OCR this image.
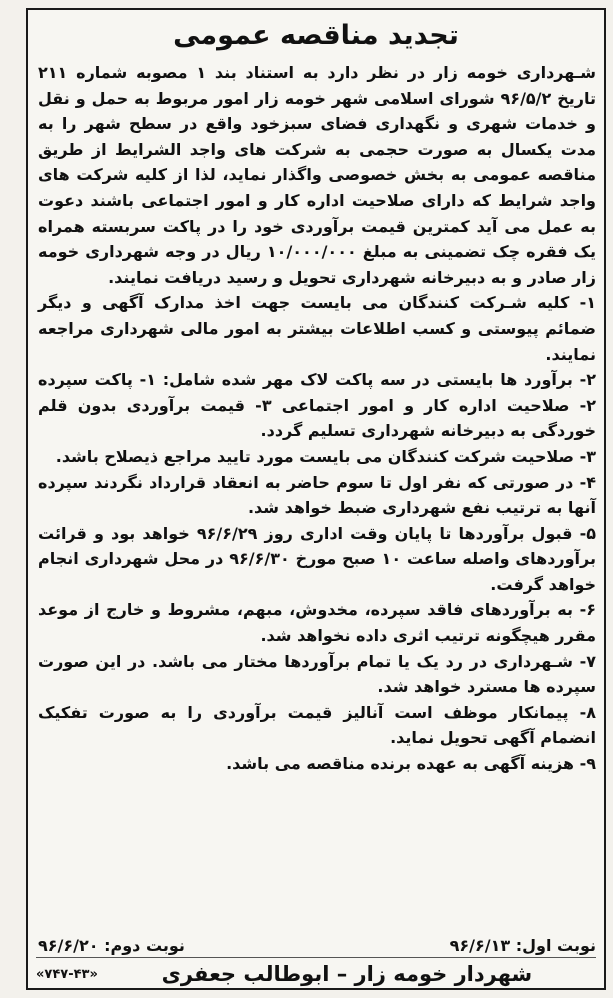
تجدید مناقصه عمومی

شـهرداری خومه زار در نظر دارد به استناد بند ۱ مصوبه شماره ۲۱۱ تاریخ ۹۶/۵/۲ شورای اسلامی شهر خومه زار امور مربوط به حمل و نقل و خدمات شهری و نگهداری فضای سبزخود واقع در سطح شهر را به مدت یکسال به صورت حجمی به شرکت های واجد الشرایط از طریق مناقصه عمومی به بخش خصوصی واگذار نماید، لذا از کلیه شرکت های واجد شرایط که دارای صلاحیت اداره کار و امور اجتماعی باشند دعوت به عمل می آید کمترین قیمت برآوردی خود را در پاکت سربسته همراه یک فقره چک تضمینی به مبلغ ۱۰/۰۰۰/۰۰۰ ریال در وجه شهرداری خومه زار صادر و به دبیرخانه شهرداری تحویل و رسید دریافت نمایند.

۱- کلیه شـرکت کنندگان می بایست جهت اخذ مدارک آگهی و دیگر ضمائم پیوستی و کسب اطلاعات بیشتر به امور مالی شهرداری مراجعه نمایند.

۲- برآورد ها بایستی در سه پاکت لاک مهر شده شامل: ۱- پاکت سپرده ۲- صلاحیت اداره کار و امور اجتماعی ۳- قیمت برآوردی بدون قلم خوردگی به دبیرخانه شهرداری تسلیم گردد.

۳- صلاحیت شرکت کنندگان می بایست مورد تایید مراجع ذیصلاح باشد.

۴- در صورتی که نفر اول تا سوم حاضر به انعقاد قرارداد نگردند سپرده آنها به ترتیب نفع شهرداری ضبط خواهد شد.

۵- قبول برآوردها تا پایان وقت اداری روز ۹۶/۶/۲۹ خواهد بود و قرائت برآوردهای واصله ساعت ۱۰ صبح مورخ ۹۶/۶/۳۰ در محل شهرداری انجام خواهد گرفت.

۶- به برآوردهای فاقد سپرده، مخدوش، مبهم، مشروط و خارج از موعد مقرر هیچگونه ترتیب اثری داده نخواهد شد.

۷- شـهرداری در رد یک یا تمام برآوردها مختار می باشد. در این صورت سپرده ها مسترد خواهد شد.

۸- پیمانکار موظف است آنالیز قیمت برآوردی را به صورت تفکیک انضمام آگهی تحویل نماید.

۹- هزینه آگهی به عهده برنده مناقصه می باشد.

نوبت اول: ۹۶/۶/۱۳
نوبت دوم: ۹۶/۶/۲۰
شهردار خومه زار – ابوطالب جعفری
«۷۴۷-۴۳»
